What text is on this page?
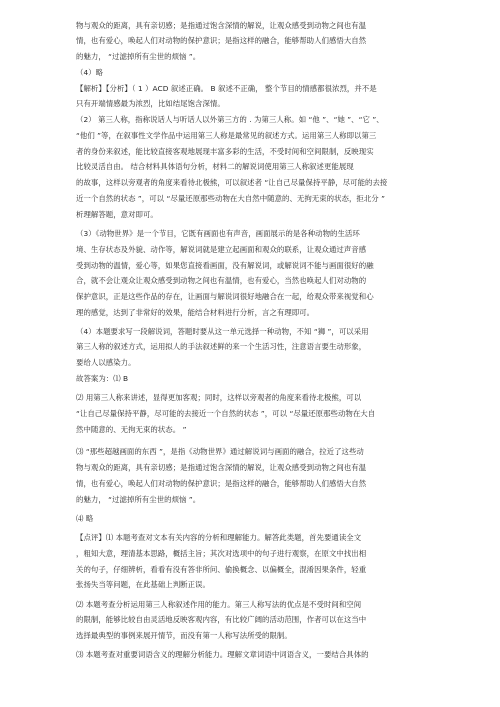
物与观众的距离，具有亲切感；是指通过饱含深情的解说，让观众感受到动物之间也有温
情，也有爱心，唤起人们对动物的保护意识；是指这样的融合，能够帮助人们感悟大自然
的魅力， “过滤掉所有尘世的烦恼 ”。
（4）略
【解析】【分析】（ 1 ）ACD 叙述正确。 B 叙述不正确， 整个节目的情感都很浓烈，并不是
只有开端情感最为浓烈，比如结尾饱含深情。
（2） 第三人称，指称说话人与听话人以外第三方的 . 为第三人称。如 “他 ”、“她 ”、“它 ”、
“他们 ”等，在叙事性文学作品中运用第三人称是最常见的叙述方式。运用第三人称即以第三
者的身份来叙述，能比较直接客观地展现丰富多彩的生活，不受时间和空间限制，反映现实
比较灵活自由。 结合材料具体语句分析，材料二的解说词使用第三人称叙述更能展现
的故事，这样以旁观者的角度来看待北极熊，可以叙述者 “让自己尽量保持平静，尽可能的去接
近一个自然的状态 ”，可以 “尽量还原那些动物在大自然中随意的、无拘无束的状态，拒北分 ”
析理解答题，意对即可。
（3）《动物世界》是一个节目，它既有画面也有声音，画面展示的是各种动物的生活环
境、生存状态及外貌、动作等，解说词就是建立起画面和观众的联系，让观众通过声音感
受到动物的温情，爱心等，如果您直接看画面，没有解说词，或解说词不能与画面很好的融
合，就不会让观众让观众感受到动物之间也有温情，也有爱心，当然也唤起人们对动物的
保护意识，正是这些作品的存在，让画面与解说词很好地融合在一起，给观众带来视觉和心
理的感觉，达到了非常好的效果，能结合材料进行分析，言之有理即可。
（4）本题要求写一段解说词，答题时要从这一单元选择一种动物，不知 “狮 ”，可以采用
第三人称的叙述方式，运用拟人的手法叙述鲜的来一个生活习性，注意语言要生动形象，
要给人以感染力。
故答案为：⑴ B
⑵ 用第三人称来讲述，显得更加客观；同时，这样以旁观者的角度来看待北极熊，可以
“让自己尽量保持平静，尽可能的去接近一个自然的状态 ”，可以 “尽量还原那些动物在大自
然中随意的、无拘无束的状态。 ”
⑶ “那些超越画面的东西 ”，是指《动物世界》通过解说词与画面的融合，拉近了这些动
物与观众的距离，具有亲切感；是指通过饱含深情的解说，让观众感受到动物之间也有温
情，也有爱心，唤起人们对动物的保护意识；是指这样的融合，能够帮助人们感悟大自然
的魅力， “过滤掉所有尘世的烦恼 ”。
⑷ 略
【点评】⑴ 本题考查对文本有关内容的分析和理解能力。解答此类题，首先要通读全文
，粗知大意，理清基本思路，概括主旨；其次对选项中的句子进行观察，在原文中找出相
关的句子，仔细辨析，看看有没有答非所问、偷换概念、以偏概全，混淆因果条件，轻重
张扬失当等问题，在此基础上判断正误。
⑵ 本题考查分析运用第三人称叙述作用的能力。第三人称写法的优点是不受时间和空间
的限制，能够比较自由灵活地反映客观内容，有比较广阔的活动范围，作者可以在这当中
选择最典型的事例来展开情节，而没有第一人称写法所受的限制。
⑶ 本题考查对重要词语含义的理解分析能力。理解文章词语中词语含义，一要结合具体的
